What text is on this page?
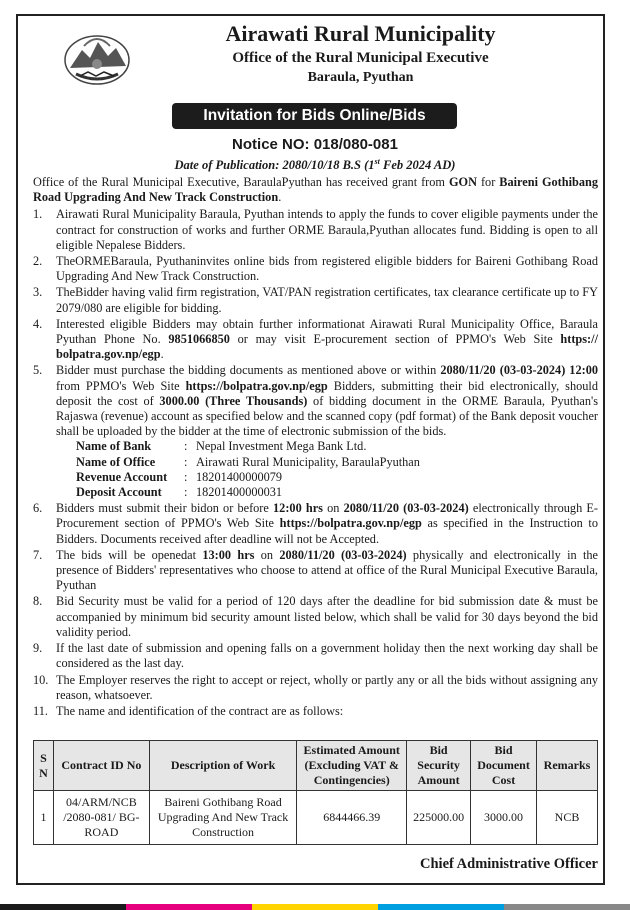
Airawati Rural Municipality
Office of the Rural Municipal Executive
Baraula, Pyuthan
Invitation for Bids Online/Bids
Notice NO: 018/080-081
Date of Publication: 2080/10/18 B.S (1st Feb 2024 AD)

Office of the Rural Municipal Executive, BaraulaPyuthan has received grant from GON for Baireni Gothibang Road Upgrading And New Track Construction.

1. Airawati Rural Municipality Baraula, Pyuthan intends to apply the funds to cover eligible payments under the contract for construction of works and further ORME Baraula,Pyuthan allocates fund. Bidding is open to all eligible Nepalese Bidders.
2. TheORMEBaraula, Pyuthaninvites online bids from registered eligible bidders for Baireni Gothibang Road Upgrading And New Track Construction.
3. TheBidder having valid firm registration, VAT/PAN registration certificates, tax clearance certificate up to FY 2079/080 are eligible for bidding.
4. Interested eligible Bidders may obtain further informationat Airawati Rural Municipality Office, Baraula Pyuthan Phone No. 9851066850 or may visit E-procurement section of PPMO's Web Site https:// bolpatra.gov.np/egp.
5. Bidder must purchase the bidding documents as mentioned above or within 2080/11/20 (03-03-2024) 12:00 from PPMO's Web Site https://bolpatra.gov.np/egp Bidders, submitting their bid electronically, should deposit the cost of 3000.00 (Three Thousands) of bidding document in the ORME Baraula, Pyuthan's Rajaswa (revenue) account as specified below and the scanned copy (pdf format) of the Bank deposit voucher shall be uploaded by the bidder at the time of electronic submission of the bids.
Name of Bank	: Nepal Investment Mega Bank Ltd.
Name of Office	: Airawati Rural Municipality, BaraulaPyuthan
Revenue Account	: 18201400000079
Deposit Account	: 18201400000031
6. Bidders must submit their bidon or before 12:00 hrs on 2080/11/20 (03-03-2024) electronically through E-Procurement section of PPMO's Web Site https://bolpatra.gov.np/egp as specified in the Instruction to Bidders. Documents received after deadline will not be Accepted.
7. The bids will be openedat 13:00 hrs on 2080/11/20 (03-03-2024) physically and electronically in the presence of Bidders' representatives who choose to attend at office of the Rural Municipal Executive Baraula, Pyuthan
8. Bid Security must be valid for a period of 120 days after the deadline for bid submission date & must be accompanied by minimum bid security amount listed below, which shall be valid for 30 days beyond the bid validity period.
9. If the last date of submission and opening falls on a government holiday then the next working day shall be considered as the last day.
10. The Employer reserves the right to accept or reject, wholly or partly any or all the bids without assigning any reason, whatsoever.
11. The name and identification of the contract are as follows:
S N	Contract ID No	Description of Work	Estimated Amount (Excluding VAT & Contingencies)	Bid Security Amount	Bid Document Cost	Remarks
1	04/ARM/NCB /2080-081/ BG-ROAD	Baireni Gothibang Road Upgrading And New Track Construction	6844466.39	225000.00	3000.00	NCB
Chief Administrative Officer
